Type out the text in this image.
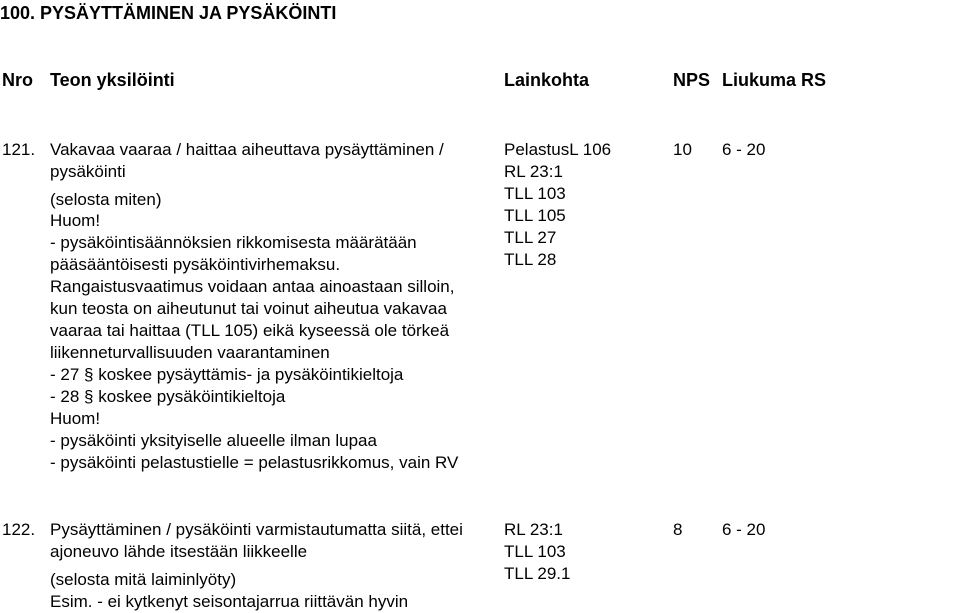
100. PYSÄYTTÄMINEN JA PYSÄKÖINTI
Nro Teon yksilöinti	Lainkohta	NPS Liukuma RS
121. Vakavaa vaaraa / haittaa aiheuttava pysäyttäminen /
pysäköinti
(selosta miten)
Huom!
- pysäköintisäännöksien rikkomisesta määrätään
pääsääntöisesti pysäköintivirhemaksu.
Rangaistusvaatimus voidaan antaa ainoastaan silloin,
kun teosta on aiheutunut tai voinut aiheutua vakavaa
vaaraa tai haittaa (TLL 105) eikä kyseessä ole törkeä
liikenneturvallisuuden vaarantaminen
- 27 § koskee pysäyttämis- ja pysäköintikieltoja
- 28 § koskee pysäköintikieltoja
Huom!
- pysäköinti yksityiselle alueelle ilman lupaa
- pysäköinti pelastustielle = pelastusrikkomus, vain RV
PelastusL 106
RL 23:1
TLL 103
TLL 105
TLL 27
TLL 28
10 6 - 20
122. Pysäyttäminen / pysäköinti varmistautumatta siitä, ettei
ajoneuvo lähde itsestään liikkeelle
(selosta mitä laiminlyöty)
Esim. - ei kytkenyt seisontajarrua riittävän hyvin
RL 23:1
TLL 103
TLL 29.1
8 6 - 20
